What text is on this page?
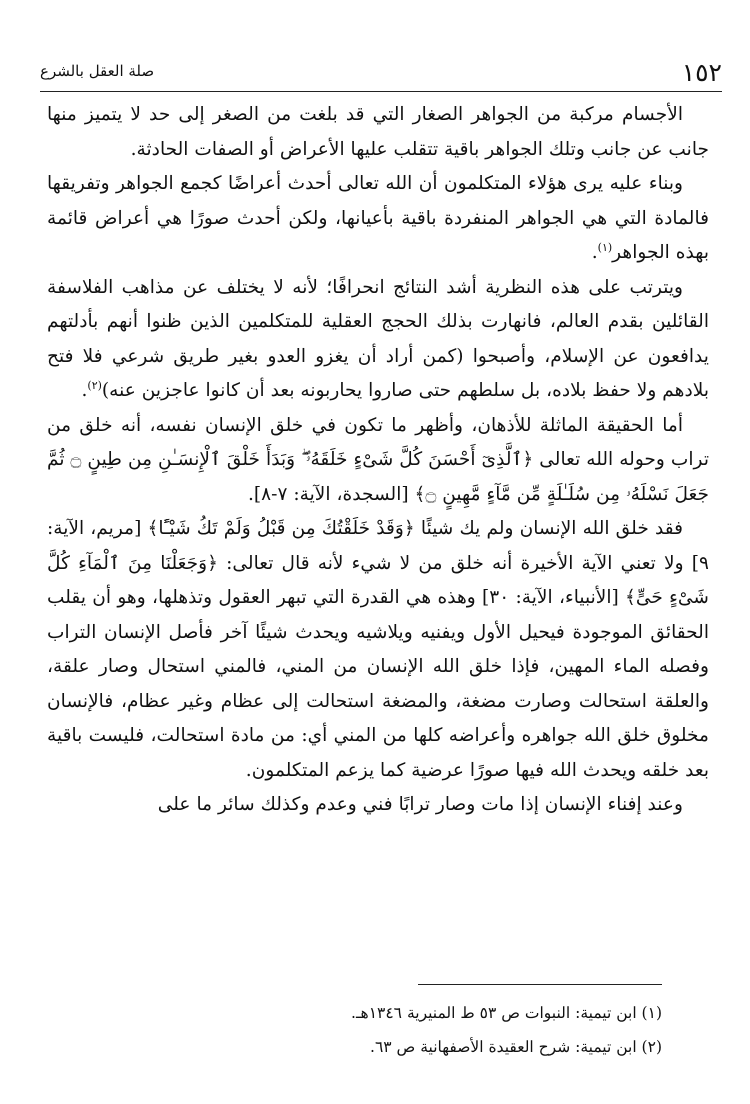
١٥٢
صلة العقل بالشرع

الأجسام مركبة من الجواهر الصغار التي قد بلغت من الصغر إلى حد لا يتميز منها جانب عن جانب وتلك الجواهر باقية تتقلب عليها الأعراض أو الصفات الحادثة.

وبناء عليه يرى هؤلاء المتكلمون أن الله تعالى أحدث أعراضًا كجمع الجواهر وتفريقها فالمادة التي هي الجواهر المنفردة باقية بأعيانها، ولكن أحدث صورًا هي أعراض قائمة بهذه الجواهر$^{(١)}$.

ويترتب على هذه النظرية أشد النتائج انحرافًا؛ لأنه لا يختلف عن مذاهب الفلاسفة القائلين بقدم العالم، فانهارت بذلك الحجج العقلية للمتكلمين الذين ظنوا أنهم بأدلتهم يدافعون عن الإسلام، وأصبحوا (كمن أراد أن يغزو العدو بغير طريق شرعي فلا فتح بلادهم ولا حفظ بلاده، بل سلطهم حتى صاروا يحاربونه بعد أن كانوا عاجزين عنه)$^{(٢)}$.

أما الحقيقة الماثلة للأذهان، وأظهر ما تكون في خلق الإنسان نفسه، أنه خلق من تراب وحوله الله تعالى ﴿ٱلَّذِىٓ أَحْسَنَ كُلَّ شَىْءٍ خَلَقَهُۥ ۖ وَبَدَأَ خَلْقَ ٱلْإِنسَـٰنِ مِن طِينٍ ۝ ثُمَّ جَعَلَ نَسْلَهُۥ مِن سُلَـٰلَةٍ مِّن مَّآءٍ مَّهِينٍ ۝﴾ [السجدة، الآية: ٧-٨].

فقد خلق الله الإنسان ولم يك شيئًا ﴿وَقَدْ خَلَقْتُكَ مِن قَبْلُ وَلَمْ تَكُ شَيْـًٔا﴾ [مريم، الآية: ٩] ولا تعني الآية الأخيرة أنه خلق من لا شيء لأنه قال تعالى: ﴿وَجَعَلْنَا مِنَ ٱلْمَآءِ كُلَّ شَىْءٍ حَىٍّ﴾ [الأنبياء، الآية: ٣٠] وهذه هي القدرة التي تبهر العقول وتذهلها، وهو أن يقلب الحقائق الموجودة فيحيل الأول ويفنيه ويلاشيه ويحدث شيئًا آخر فأصل الإنسان التراب وفصله الماء المهين، فإذا خلق الله الإنسان من المني، فالمني استحال وصار علقة، والعلقة استحالت وصارت مضغة، والمضغة استحالت إلى عظام وغير عظام، فالإنسان مخلوق خلق الله جواهره وأعراضه كلها من المني أي: من مادة استحالت، فليست باقية بعد خلقه ويحدث الله فيها صورًا عرضية كما يزعم المتكلمون.

وعند إفناء الإنسان إذا مات وصار ترابًا فني وعدم وكذلك سائر ما على

(١) ابن تيمية: النبوات ص ٥٣ ط المنيرية ١٣٤٦هـ.
(٢) ابن تيمية: شرح العقيدة الأصفهانية ص ٦٣.
